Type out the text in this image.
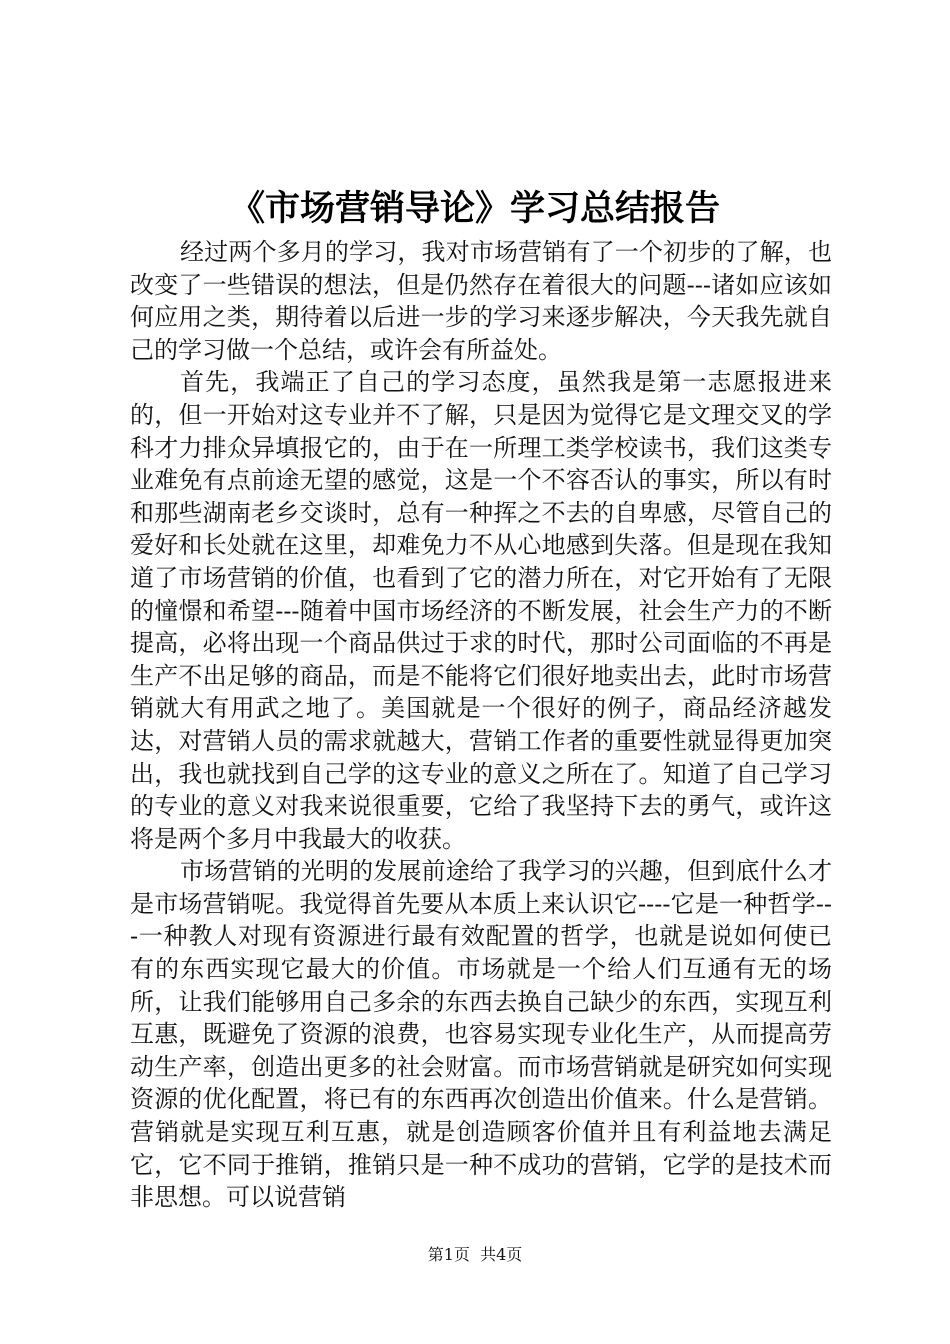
《市场营销导论》学习总结报告

经过两个多月的学习，我对市场营销有了一个初步的了解，也改变了一些错误的想法，但是仍然存在着很大的问题---诸如应该如何应用之类，期待着以后进一步的学习来逐步解决，今天我先就自己的学习做一个总结，或许会有所益处。

首先，我端正了自己的学习态度，虽然我是第一志愿报进来的，但一开始对这专业并不了解，只是因为觉得它是文理交叉的学科才力排众异填报它的，由于在一所理工类学校读书，我们这类专业难免有点前途无望的感觉，这是一个不容否认的事实，所以有时和那些湖南老乡交谈时，总有一种挥之不去的自卑感，尽管自己的爱好和长处就在这里，却难免力不从心地感到失落。但是现在我知道了市场营销的价值，也看到了它的潜力所在，对它开始有了无限的憧憬和希望---随着中国市场经济的不断发展，社会生产力的不断提高，必将出现一个商品供过于求的时代，那时公司面临的不再是生产不出足够的商品，而是不能将它们很好地卖出去，此时市场营销就大有用武之地了。美国就是一个很好的例子，商品经济越发达，对营销人员的需求就越大，营销工作者的重要性就显得更加突出，我也就找到自己学的这专业的意义之所在了。知道了自己学习的专业的意义对我来说很重要，它给了我坚持下去的勇气，或许这将是两个多月中我最大的收获。

市场营销的光明的发展前途给了我学习的兴趣，但到底什么才是市场营销呢。我觉得首先要从本质上来认识它----它是一种哲学---一种教人对现有资源进行最有效配置的哲学，也就是说如何使已有的东西实现它最大的价值。市场就是一个给人们互通有无的场所，让我们能够用自己多余的东西去换自己缺少的东西，实现互利互惠，既避免了资源的浪费，也容易实现专业化生产，从而提高劳动生产率，创造出更多的社会财富。而市场营销就是研究如何实现资源的优化配置，将已有的东西再次创造出价值来。什么是营销。营销就是实现互利互惠，就是创造顾客价值并且有利益地去满足它，它不同于推销，推销只是一种不成功的营销，它学的是技术而非思想。可以说营销

第1页 共4页
